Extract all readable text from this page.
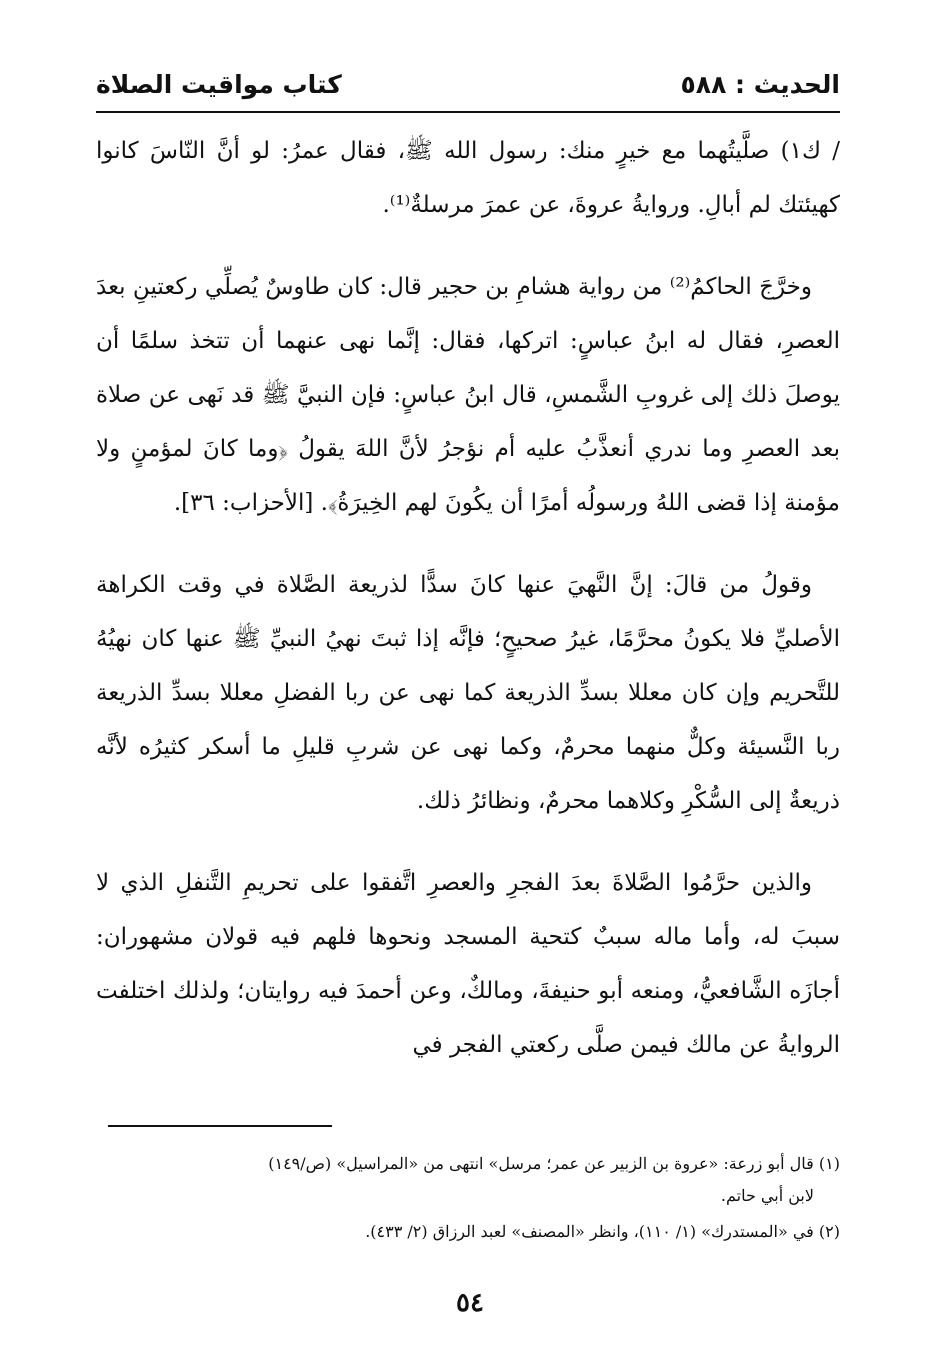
الحديث : ٥٨٨
كتاب مواقيت الصلاة

/ ك١) صلَّيتُهما مع خيرٍ منك: رسول الله ﷺ، فقال عمرُ: لو أنَّ النّاسَ كانوا كهيئتك لم أبالِ. وروايةُ عروةَ، عن عمرَ مرسلةٌ⁽¹⁾.

وخرَّجَ الحاكمُ⁽²⁾ من رواية هشامِ بن حجير قال: كان طاوسٌ يُصلِّي ركعتينِ بعدَ العصرِ، فقال له ابنُ عباسٍ: اتركها، فقال: إنَّما نهى عنهما أن تتخذ سلمًا أن يوصلَ ذلك إلى غروبِ الشَّمسِ، قال ابنُ عباسٍ: فإن النبيَّ ﷺ قد نَهى عن صلاة بعد العصرِ وما ندري أنعذَّبُ عليه أم نؤجرُ لأنَّ اللهَ يقولُ ﴿وما كانَ لمؤمنٍ ولا مؤمنة إذا قضى اللهُ ورسولُه أمرًا أن يكُونَ لهم الخِيرَةُ﴾. [الأحزاب: ٣٦].

وقولُ من قالَ: إنَّ النَّهيَ عنها كانَ سدًّا لذريعة الصَّلاة في وقت الكراهة الأصليِّ فلا يكونُ محرَّمًا، غيرُ صحيحٍ؛ فإنَّه إذا ثبتَ نهيُ النبيِّ ﷺ عنها كان نهيُهُ للتَّحريم وإن كان معللا بسدِّ الذريعة كما نهى عن ربا الفضلِ معللا بسدِّ الذريعة ربا النَّسيئة وكلٌّ منهما محرمٌ، وكما نهى عن شربِ قليلِ ما أسكر كثيرُه لأنَّه ذريعةٌ إلى السُّكْرِ وكلاهما محرمٌ، ونظائرُ ذلك.

والذين حرَّمُوا الصَّلاةَ بعدَ الفجرِ والعصرِ اتَّفقوا على تحريمِ التَّنفلِ الذي لا سببَ له، وأما ماله سببٌ كتحية المسجد ونحوها فلهم فيه قولان مشهوران: أجازَه الشَّافعيُّ، ومنعه أبو حنيفةَ، ومالكٌ، وعن أحمدَ فيه روايتان؛ ولذلك اختلفت الروايةُ عن مالك فيمن صلَّى ركعتي الفجر في

(١) قال أبو زرعة: «عروة بن الزبير عن عمر؛ مرسل» انتهى من «المراسيل» (ص/١٤٩)
لابن أبي حاتم.
(٢) في «المستدرك» (١/ ١١٠)، وانظر «المصنف» لعبد الرزاق (٢/ ٤٣٣).
٥٤
